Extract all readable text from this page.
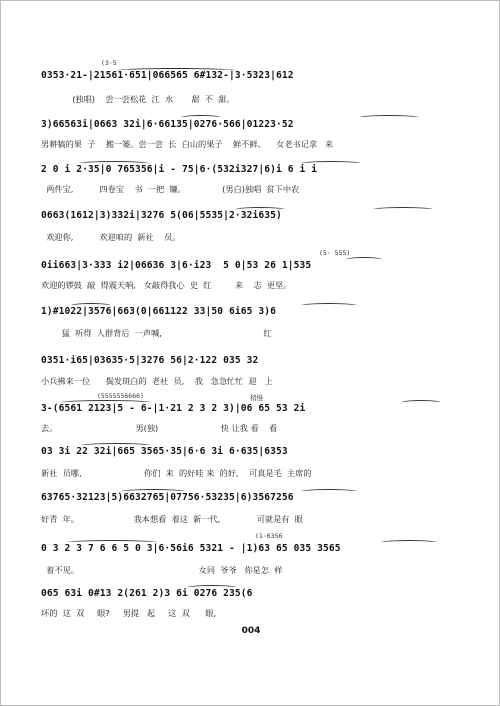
(3·5
0353·21-|21561·651|066565 6#132-|3·5323|612
(独唱)    尝一尝松花  江  水       甜  不  甜。
3)66563i|0663 32i|6·66135|0276·566|01223·52
男耕犒的果  子    搬一篓。尝一尝  长  白山的果子    鲜不鲜。    女老书记拿   来
2 0 i 2·35|0 765356|i - 75|6·(532i327|6)i 6 i i
两件宝,          四卷宝    书  一把  镰。              (男白)独唱  贫下中农
0663(1612|3)332i|3276 5(06|5535|2·32i635)
欢迎你,          欢迎咱的  新社    员。
(5· 555)
0ii663|3·333 i2|06636 3|6·i23  5 0|53 26 1|535
欢迎的锣鼓  敲  得震天响,   女敲得我心  史  红         来    志  更坚。
1)#1022|3576|663(0|661122 33|50 6i65 3)6
猛  听得  人群背后  一声喊,                                       红
0351·i65|03635·5|3276 56|2·122 035 32
小兵拂来一位      鬓发斑白的  老社  员,    我   急急忙忙  迎   上
(5555556666)	稍慢
3-(6561 2123|5 - 6-|1·21 2 3 2 3)|06 65 53 2i
去。                              男(独)                        快 让我 看    看
03 3i 22 32i|665 3565·35|6·6 3i 6·635|6353
新社  员哪,                        你们  来  的好哇 来  的好,    可真是毛  主席的
63765·32123|5)6632765|07756·53235|6)3567256
好青  年。                     我本想看  着这  新一代,              可就是有  眼
(1·6356
0 3 2 3 7 6 6 5 0 3|6·56i6 5321 - |1)63 65 035 3565
着不见。                                              女同  爷爷   你是怎  样
065 63i 0#13 2(261 2)3 6i 0276 235(6
坏的  这  双     眼?     男提   起     这  双      眼,
004
